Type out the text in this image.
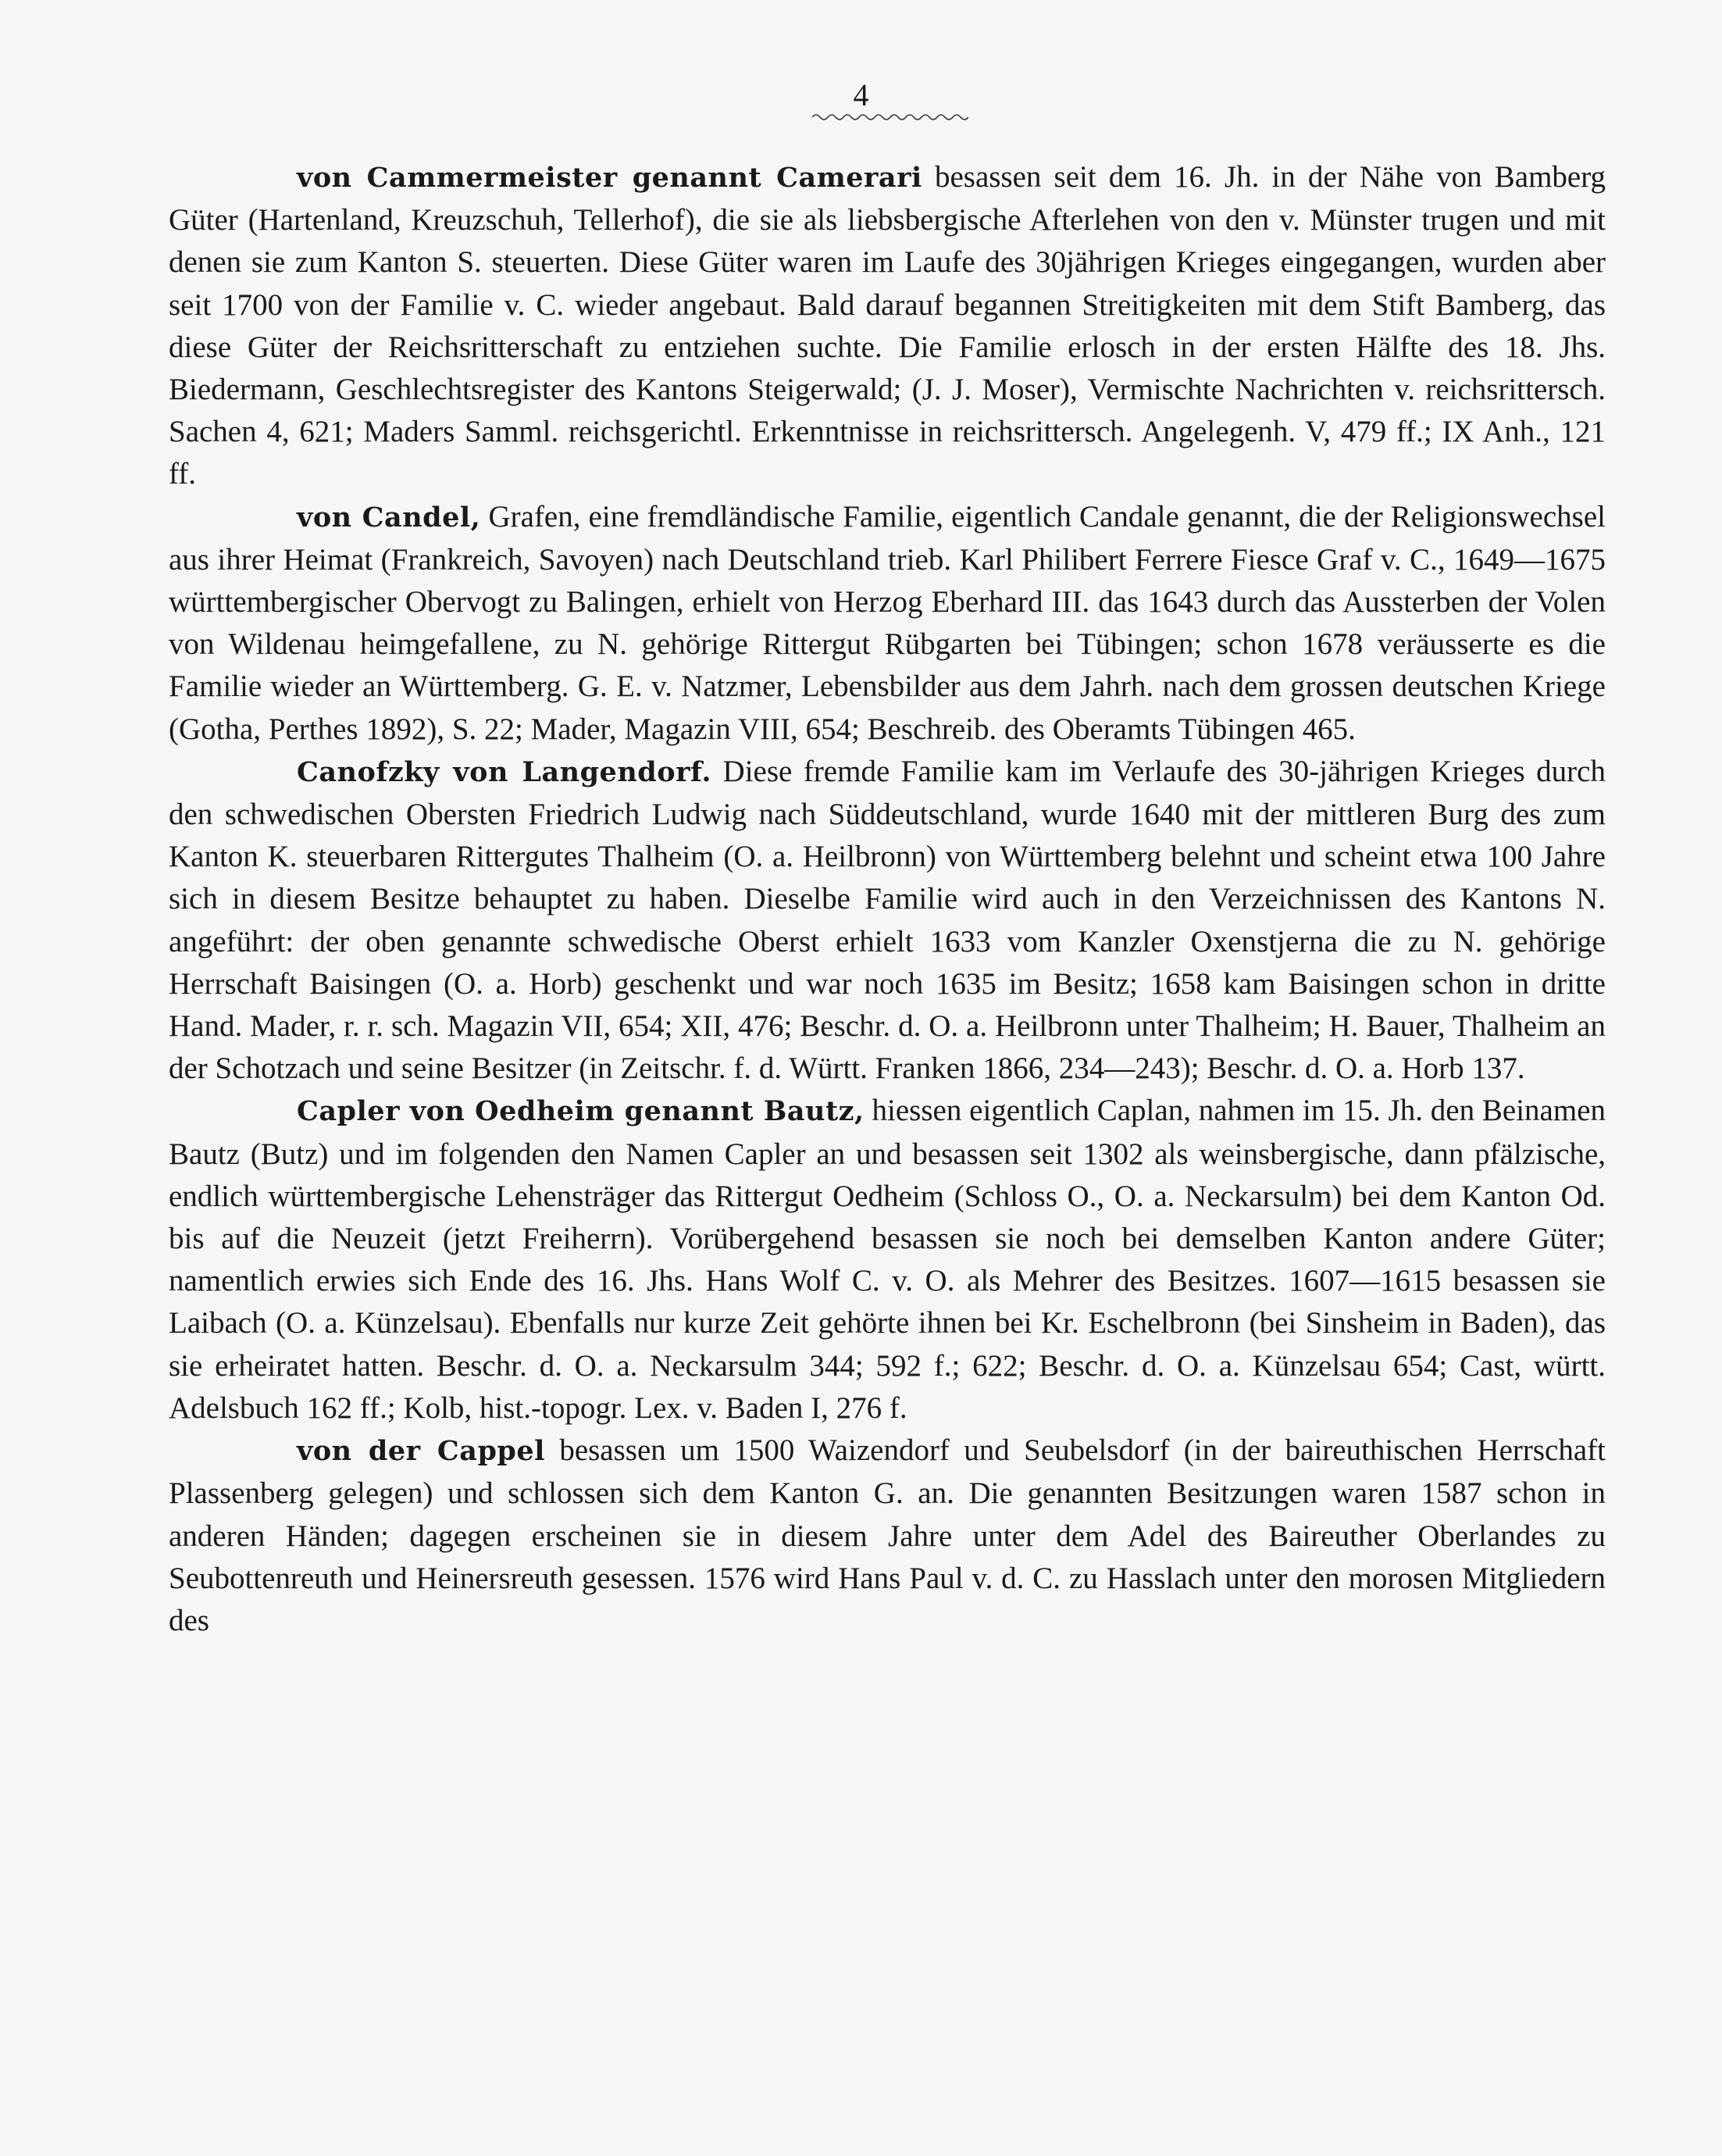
4

von Cammermeister genannt Camerari besassen seit dem 16. Jh. in der Nähe von Bamberg Güter (Hartenland, Kreuzschuh, Tellerhof), die sie als liebsbergische Afterlehen von den v. Münster trugen und mit denen sie zum Kanton S. steuerten. Diese Güter waren im Laufe des 30jährigen Krieges eingegangen, wurden aber seit 1700 von der Familie v. C. wieder angebaut. Bald darauf begannen Streitigkeiten mit dem Stift Bamberg, das diese Güter der Reichsritterschaft zu entziehen suchte. Die Familie erlosch in der ersten Hälfte des 18. Jhs. Biedermann, Geschlechtsregister des Kantons Steigerwald; (J. J. Moser), Vermischte Nachrichten v. reichsrittersch. Sachen 4, 621; Maders Samml. reichsgerichtl. Erkenntnisse in reichsrittersch. Angelegenh. V, 479 ff.; IX Anh., 121 ff.

von Candel, Grafen, eine fremdländische Familie, eigentlich Candale genannt, die der Religionswechsel aus ihrer Heimat (Frankreich, Savoyen) nach Deutschland trieb. Karl Philibert Ferrere Fiesce Graf v. C., 1649—1675 württembergischer Obervogt zu Balingen, erhielt von Herzog Eberhard III. das 1643 durch das Aussterben der Volen von Wildenau heimgefallene, zu N. gehörige Rittergut Rübgarten bei Tübingen; schon 1678 veräusserte es die Familie wieder an Württemberg. G. E. v. Natzmer, Lebensbilder aus dem Jahrh. nach dem grossen deutschen Kriege (Gotha, Perthes 1892), S. 22; Mader, Magazin VIII, 654; Beschreib. des Oberamts Tübingen 465.

Canofzky von Langendorf. Diese fremde Familie kam im Verlaufe des 30-jährigen Krieges durch den schwedischen Obersten Friedrich Ludwig nach Süddeutschland, wurde 1640 mit der mittleren Burg des zum Kanton K. steuerbaren Rittergutes Thalheim (O. a. Heilbronn) von Württemberg belehnt und scheint etwa 100 Jahre sich in diesem Besitze behauptet zu haben. Dieselbe Familie wird auch in den Verzeichnissen des Kantons N. angeführt: der oben genannte schwedische Oberst erhielt 1633 vom Kanzler Oxenstjerna die zu N. gehörige Herrschaft Baisingen (O. a. Horb) geschenkt und war noch 1635 im Besitz; 1658 kam Baisingen schon in dritte Hand. Mader, r. r. sch. Magazin VII, 654; XII, 476; Beschr. d. O. a. Heilbronn unter Thalheim; H. Bauer, Thalheim an der Schotzach und seine Besitzer (in Zeitschr. f. d. Württ. Franken 1866, 234—243); Beschr. d. O. a. Horb 137.

Capler von Oedheim genannt Bautz, hiessen eigentlich Caplan, nahmen im 15. Jh. den Beinamen Bautz (Butz) und im folgenden den Namen Capler an und besassen seit 1302 als weinsbergische, dann pfälzische, endlich württembergische Lehensträger das Rittergut Oedheim (Schloss O., O. a. Neckarsulm) bei dem Kanton Od. bis auf die Neuzeit (jetzt Freiherrn). Vorübergehend besassen sie noch bei demselben Kanton andere Güter; namentlich erwies sich Ende des 16. Jhs. Hans Wolf C. v. O. als Mehrer des Besitzes. 1607—1615 besassen sie Laibach (O. a. Künzelsau). Ebenfalls nur kurze Zeit gehörte ihnen bei Kr. Eschelbronn (bei Sinsheim in Baden), das sie erheiratet hatten. Beschr. d. O. a. Neckarsulm 344; 592 f.; 622; Beschr. d. O. a. Künzelsau 654; Cast, württ. Adelsbuch 162 ff.; Kolb, hist.-topogr. Lex. v. Baden I, 276 f.

von der Cappel besassen um 1500 Waizendorf und Seubelsdorf (in der baireuthischen Herrschaft Plassenberg gelegen) und schlossen sich dem Kanton G. an. Die genannten Besitzungen waren 1587 schon in anderen Händen; dagegen erscheinen sie in diesem Jahre unter dem Adel des Baireuther Oberlandes zu Seubottenreuth und Heinersreuth gesessen. 1576 wird Hans Paul v. d. C. zu Hasslach unter den morosen Mitgliedern des
